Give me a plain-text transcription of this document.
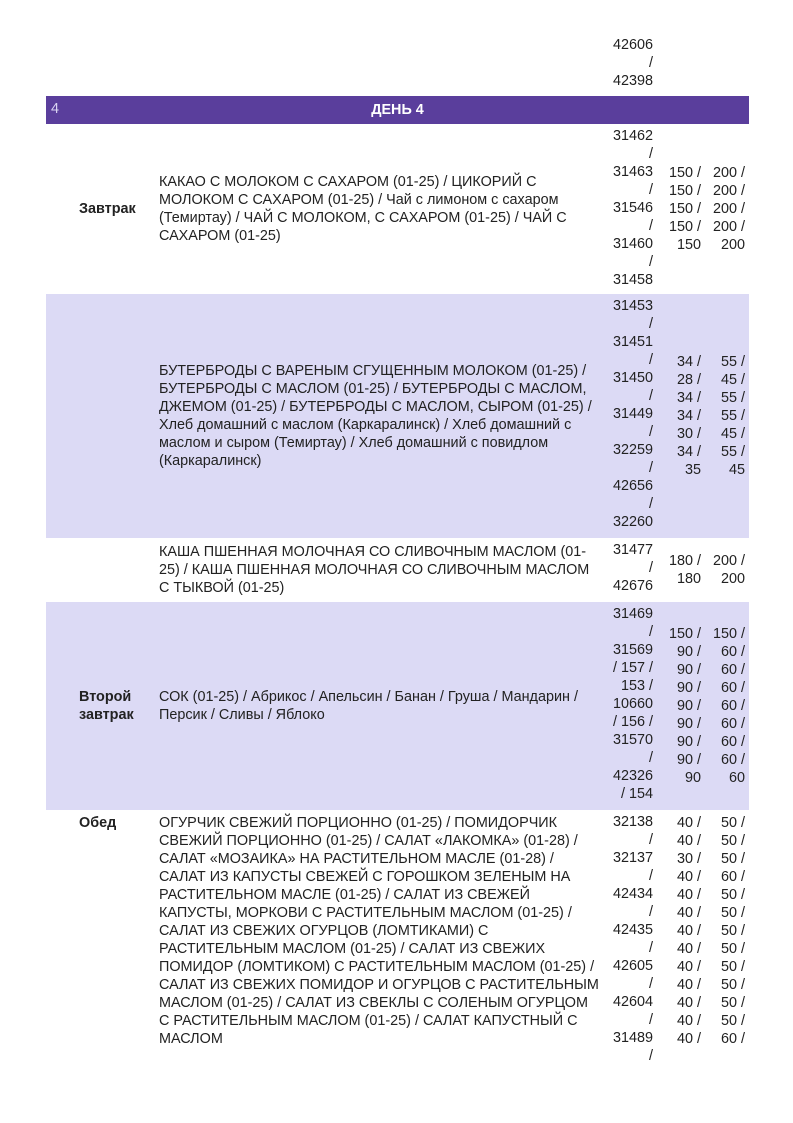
42606
/
42398
4	ДЕНЬ 4
Завтрак
КАКАО С МОЛОКОМ С САХАРОМ (01-25) / ЦИКОРИЙ С МОЛОКОМ С САХАРОМ (01-25) / Чай с лимоном с сахаром (Темиртау) / ЧАЙ С МОЛОКОМ, С САХАРОМ (01-25) / ЧАЙ С САХАРОМ (01-25)
31462
/
31463
/
31546
/
31460
/
31458
150 /
150 /
150 /
150 /
150
200 /
200 /
200 /
200 /
200
БУТЕРБРОДЫ С ВАРЕНЫМ СГУЩЕННЫМ МОЛОКОМ (01-25) / БУТЕРБРОДЫ С МАСЛОМ (01-25) / БУТЕРБРОДЫ С МАСЛОМ, ДЖЕМОМ (01-25) / БУТЕРБРОДЫ С МАСЛОМ, СЫРОМ (01-25) / Хлеб домашний с маслом (Каркаралинск) / Хлеб домашний с маслом и сыром (Темиртау) / Хлеб домашний с повидлом (Каркаралинск)
31453
/
31451
/
31450
/
31449
/
32259
/
42656
/
32260
34 /
28 /
34 /
34 /
30 /
34 /
35
55 /
45 /
55 /
55 /
45 /
55 /
45
КАША ПШЕННАЯ МОЛОЧНАЯ СО СЛИВОЧНЫМ МАСЛОМ (01-25) / КАША ПШЕННАЯ МОЛОЧНАЯ СО СЛИВОЧНЫМ МАСЛОМ С ТЫКВОЙ (01-25)
31477
/
42676
180 /
180
200 /
200
Второй завтрак
СОК (01-25) / Абрикос / Апельсин / Банан / Груша / Мандарин / Персик / Сливы / Яблоко
31469
/
31569
/ 157 /
153 /
10660
/ 156 /
31570
/
42326
/ 154
150 /
90 /
90 /
90 /
90 /
90 /
90 /
90 /
90
150 /
60 /
60 /
60 /
60 /
60 /
60 /
60 /
60
Обед	ОГУРЧИК СВЕЖИЙ ПОРЦИОННО (01-25) / ПОМИДОРЧИК СВЕЖИЙ ПОРЦИОННО (01-25) / САЛАТ «ЛАКОМКА» (01-28) / САЛАТ «МОЗАИКА» НА РАСТИТЕЛЬНОМ МАСЛЕ (01-28) / САЛАТ ИЗ КАПУСТЫ СВЕЖЕЙ С ГОРОШКОМ ЗЕЛЕНЫМ НА РАСТИТЕЛЬНОМ МАСЛЕ (01-25) / САЛАТ ИЗ СВЕЖЕЙ КАПУСТЫ, МОРКОВИ С РАСТИТЕЛЬНЫМ МАСЛОМ (01-25) / САЛАТ ИЗ СВЕЖИХ ОГУРЦОВ (ЛОМТИКАМИ) С РАСТИТЕЛЬНЫМ МАСЛОМ (01-25) / САЛАТ ИЗ СВЕЖИХ ПОМИДОР (ЛОМТИКОМ) С РАСТИТЕЛЬНЫМ МАСЛОМ (01-25) / САЛАТ ИЗ СВЕЖИХ ПОМИДОР И ОГУРЦОВ С РАСТИТЕЛЬНЫМ МАСЛОМ (01-25) / САЛАТ ИЗ СВЕКЛЫ С СОЛЕНЫМ ОГУРЦОМ С РАСТИТЕЛЬНЫМ МАСЛОМ (01-25) / САЛАТ КАПУСТНЫЙ С МАСЛОМ
32138
/
32137
/
42434
/
42435
/
42605
/
42604
/
31489
/
40 /
40 /
30 /
40 /
40 /
40 /
40 /
40 /
40 /
40 /
40 /
40 /
40 /
50 /
50 /
50 /
60 /
50 /
50 /
50 /
50 /
50 /
50 /
50 /
50 /
60 /
